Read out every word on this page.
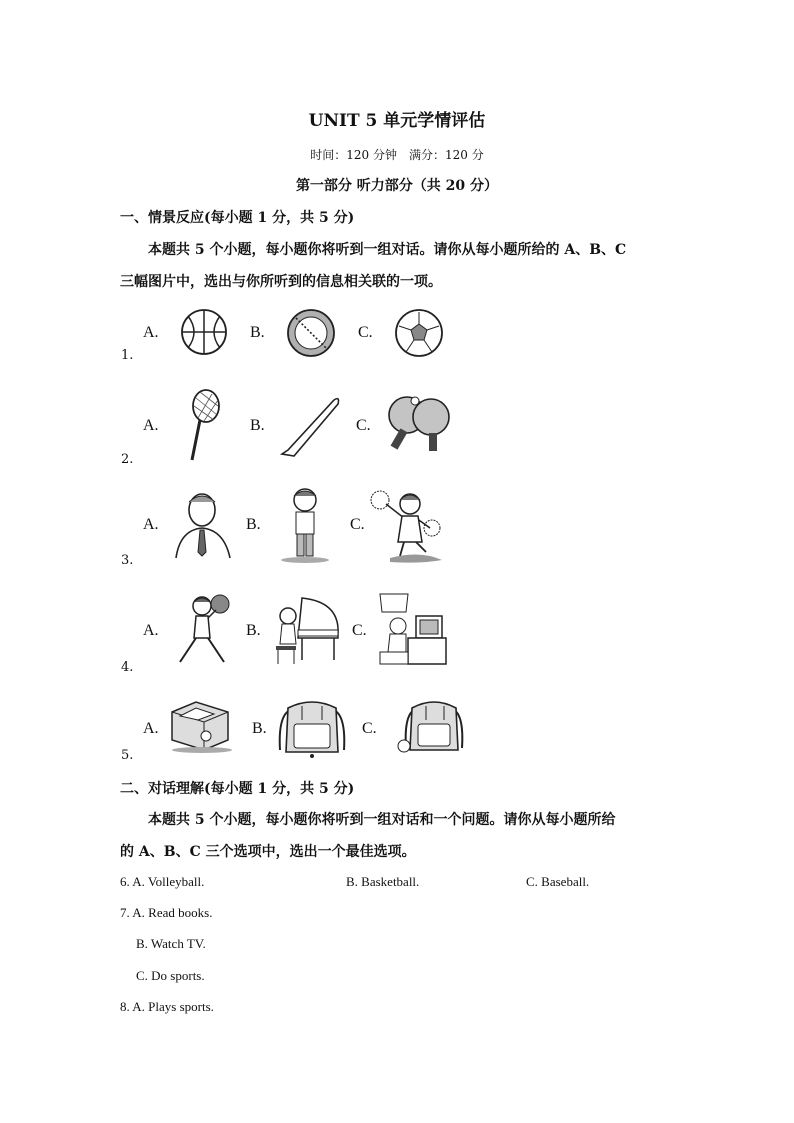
UNIT 5 单元学情评估
时间：120 分钟　满分：120 分
第一部分 听力部分（共 20 分）
一、情景反应(每小题 1 分，共 5 分)
本题共 5 个小题，每小题你将听到一组对话。请你从每小题所给的 A、B、C
三幅图片中，选出与你所听到的信息相关联的一项。
A.	B.	C.
1.
A.	B.	C.
2.
A.	B.	C.
3.
A.	B.	C.
4.
A.	B.	C.
5.
二、对话理解(每小题 1 分，共 5 分)
本题共 5 个小题，每小题你将听到一组对话和一个问题。请你从每小题所给
的 A、B、C 三个选项中，选出一个最佳选项。
6. A. Volleyball.	B. Basketball.	C. Baseball.
7. A. Read books.
B. Watch TV.
C. Do sports.
8. A. Plays sports.
